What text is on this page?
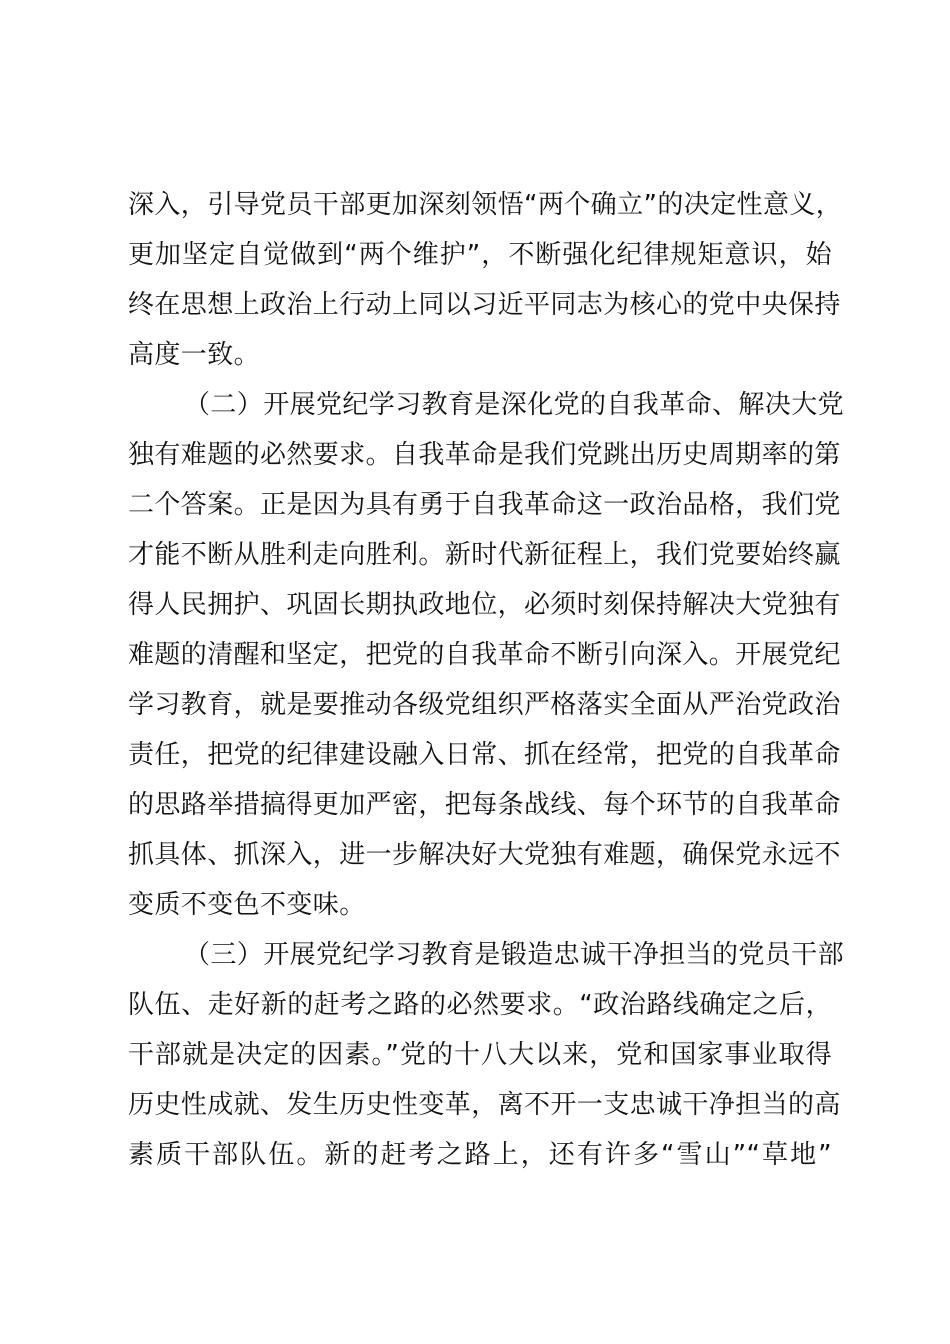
深入，引导党员干部更加深刻领悟“两个确立”的决定性意义，
更加坚定自觉做到“两个维护”，不断强化纪律规矩意识，始
终在思想上政治上行动上同以习近平同志为核心的党中央保持
高度一致。
（二）开展党纪学习教育是深化党的自我革命、解决大党
独有难题的必然要求。自我革命是我们党跳出历史周期率的第
二个答案。正是因为具有勇于自我革命这一政治品格，我们党
才能不断从胜利走向胜利。新时代新征程上，我们党要始终赢
得人民拥护、巩固长期执政地位，必须时刻保持解决大党独有
难题的清醒和坚定，把党的自我革命不断引向深入。开展党纪
学习教育，就是要推动各级党组织严格落实全面从严治党政治
责任，把党的纪律建设融入日常、抓在经常，把党的自我革命
的思路举措搞得更加严密，把每条战线、每个环节的自我革命
抓具体、抓深入，进一步解决好大党独有难题，确保党永远不
变质不变色不变味。
（三）开展党纪学习教育是锻造忠诚干净担当的党员干部
队伍、走好新的赶考之路的必然要求。“政治路线确定之后，
干部就是决定的因素。”党的十八大以来，党和国家事业取得
历史性成就、发生历史性变革，离不开一支忠诚干净担当的高
素质干部队伍。新的赶考之路上，还有许多“雪山”“草地”
